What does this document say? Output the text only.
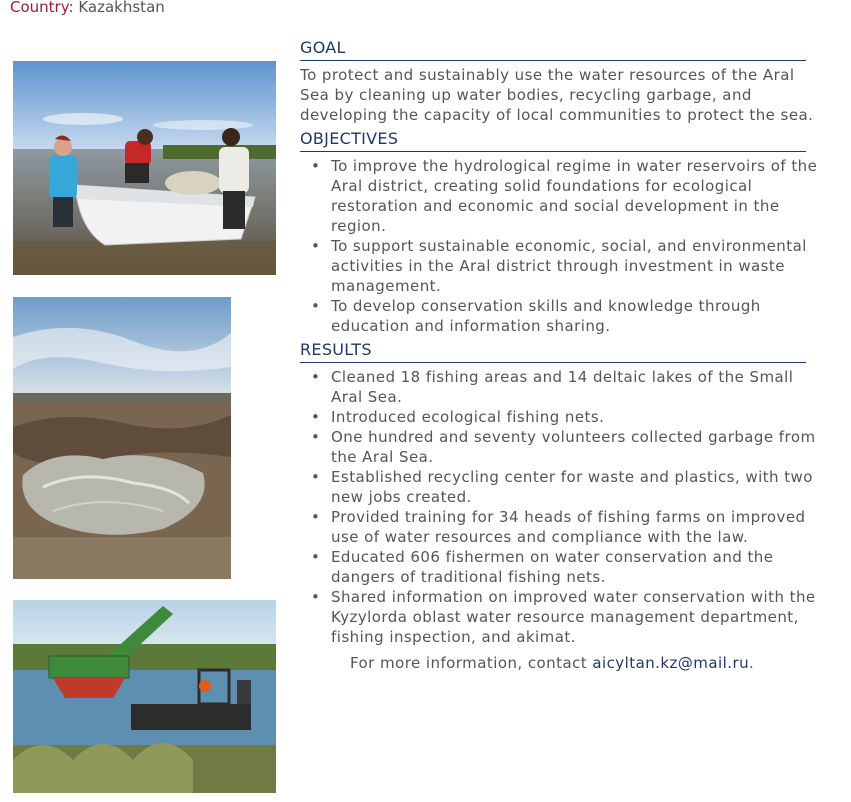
Country: Kazakhstan
GOAL

To protect and sustainably use the water resources of the Aral Sea by cleaning up water bodies, recycling garbage, and developing the capacity of local communities to protect the sea.

OBJECTIVES
• To improve the hydrological regime in water reservoirs of the Aral district, creating solid foundations for ecological restoration and economic and social development in the region.
• To support sustainable economic, social, and environmental activities in the Aral district through investment in waste management.
• To develop conservation skills and knowledge through education and information sharing.
RESULTS
• Cleaned 18 fishing areas and 14 deltaic lakes of the Small Aral Sea.
• Introduced ecological fishing nets.
• One hundred and seventy volunteers collected garbage from the Aral Sea.
• Established recycling center for waste and plastics, with two new jobs created.
• Provided training for 34 heads of fishing farms on improved use of water resources and compliance with the law.
• Educated 606 fishermen on water conservation and the dangers of traditional fishing nets.
• Shared information on improved water conservation with the Kyzylorda oblast water resource management department, fishing inspection, and akimat.
For more information, contact aicyltan.kz@mail.ru.
